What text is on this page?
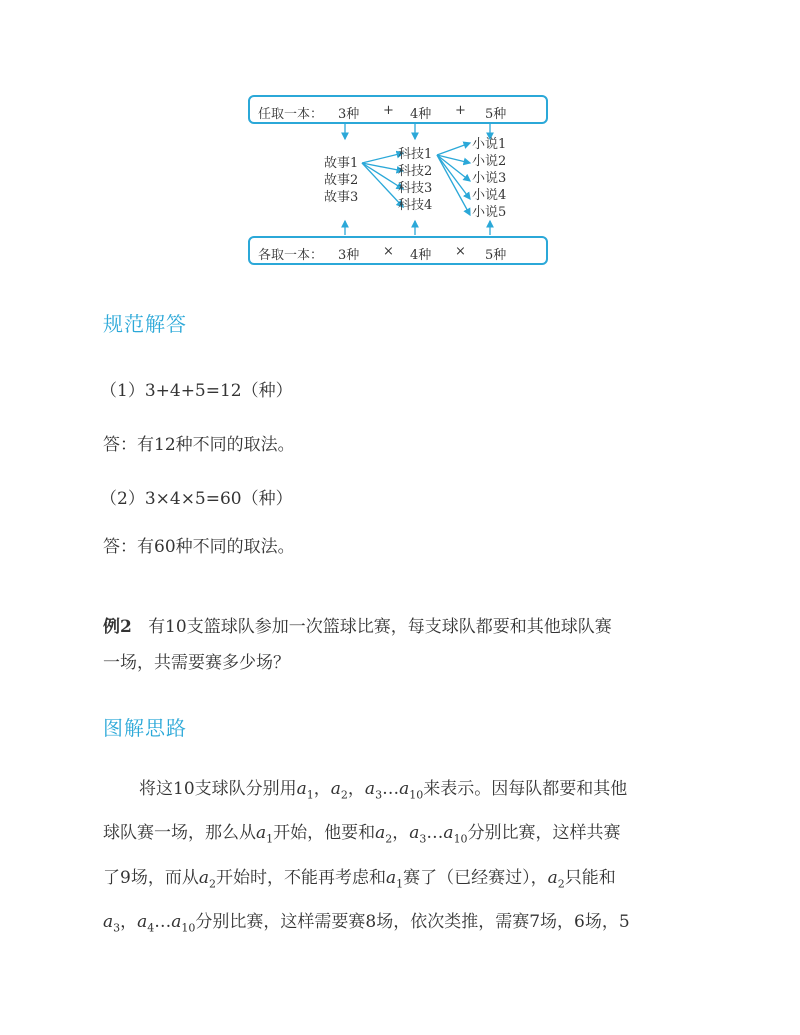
任取一本： 3种 + 4种 + 5种
故事1
故事2
故事3
科技1
科技2
科技3
科技4
小说1
小说2
小说3
小说4
小说5
各取一本： 3种 × 4种 × 5种
规范解答
（1）3+4+5=12（种）
答：有12种不同的取法。
（2）3×4×5=60（种）
答：有60种不同的取法。
例2 有10支篮球队参加一次篮球比赛，每支球队都要和其他球队赛
一场，共需要赛多少场？
图解思路
将这10支球队分别用$a_1$，$a_2$，$a_3\dots a_{10}$来表示。因每队都要和其他
球队赛一场，那么从$a_1$开始，他要和$a_2$，$a_3\dots a_{10}$分别比赛，这样共赛
了9场，而从$a_2$开始时，不能再考虑和$a_1$赛了（已经赛过），$a_2$只能和
$a_3$，$a_4\dots a_{10}$分别比赛，这样需要赛8场，依次类推，需赛7场，6场，5
